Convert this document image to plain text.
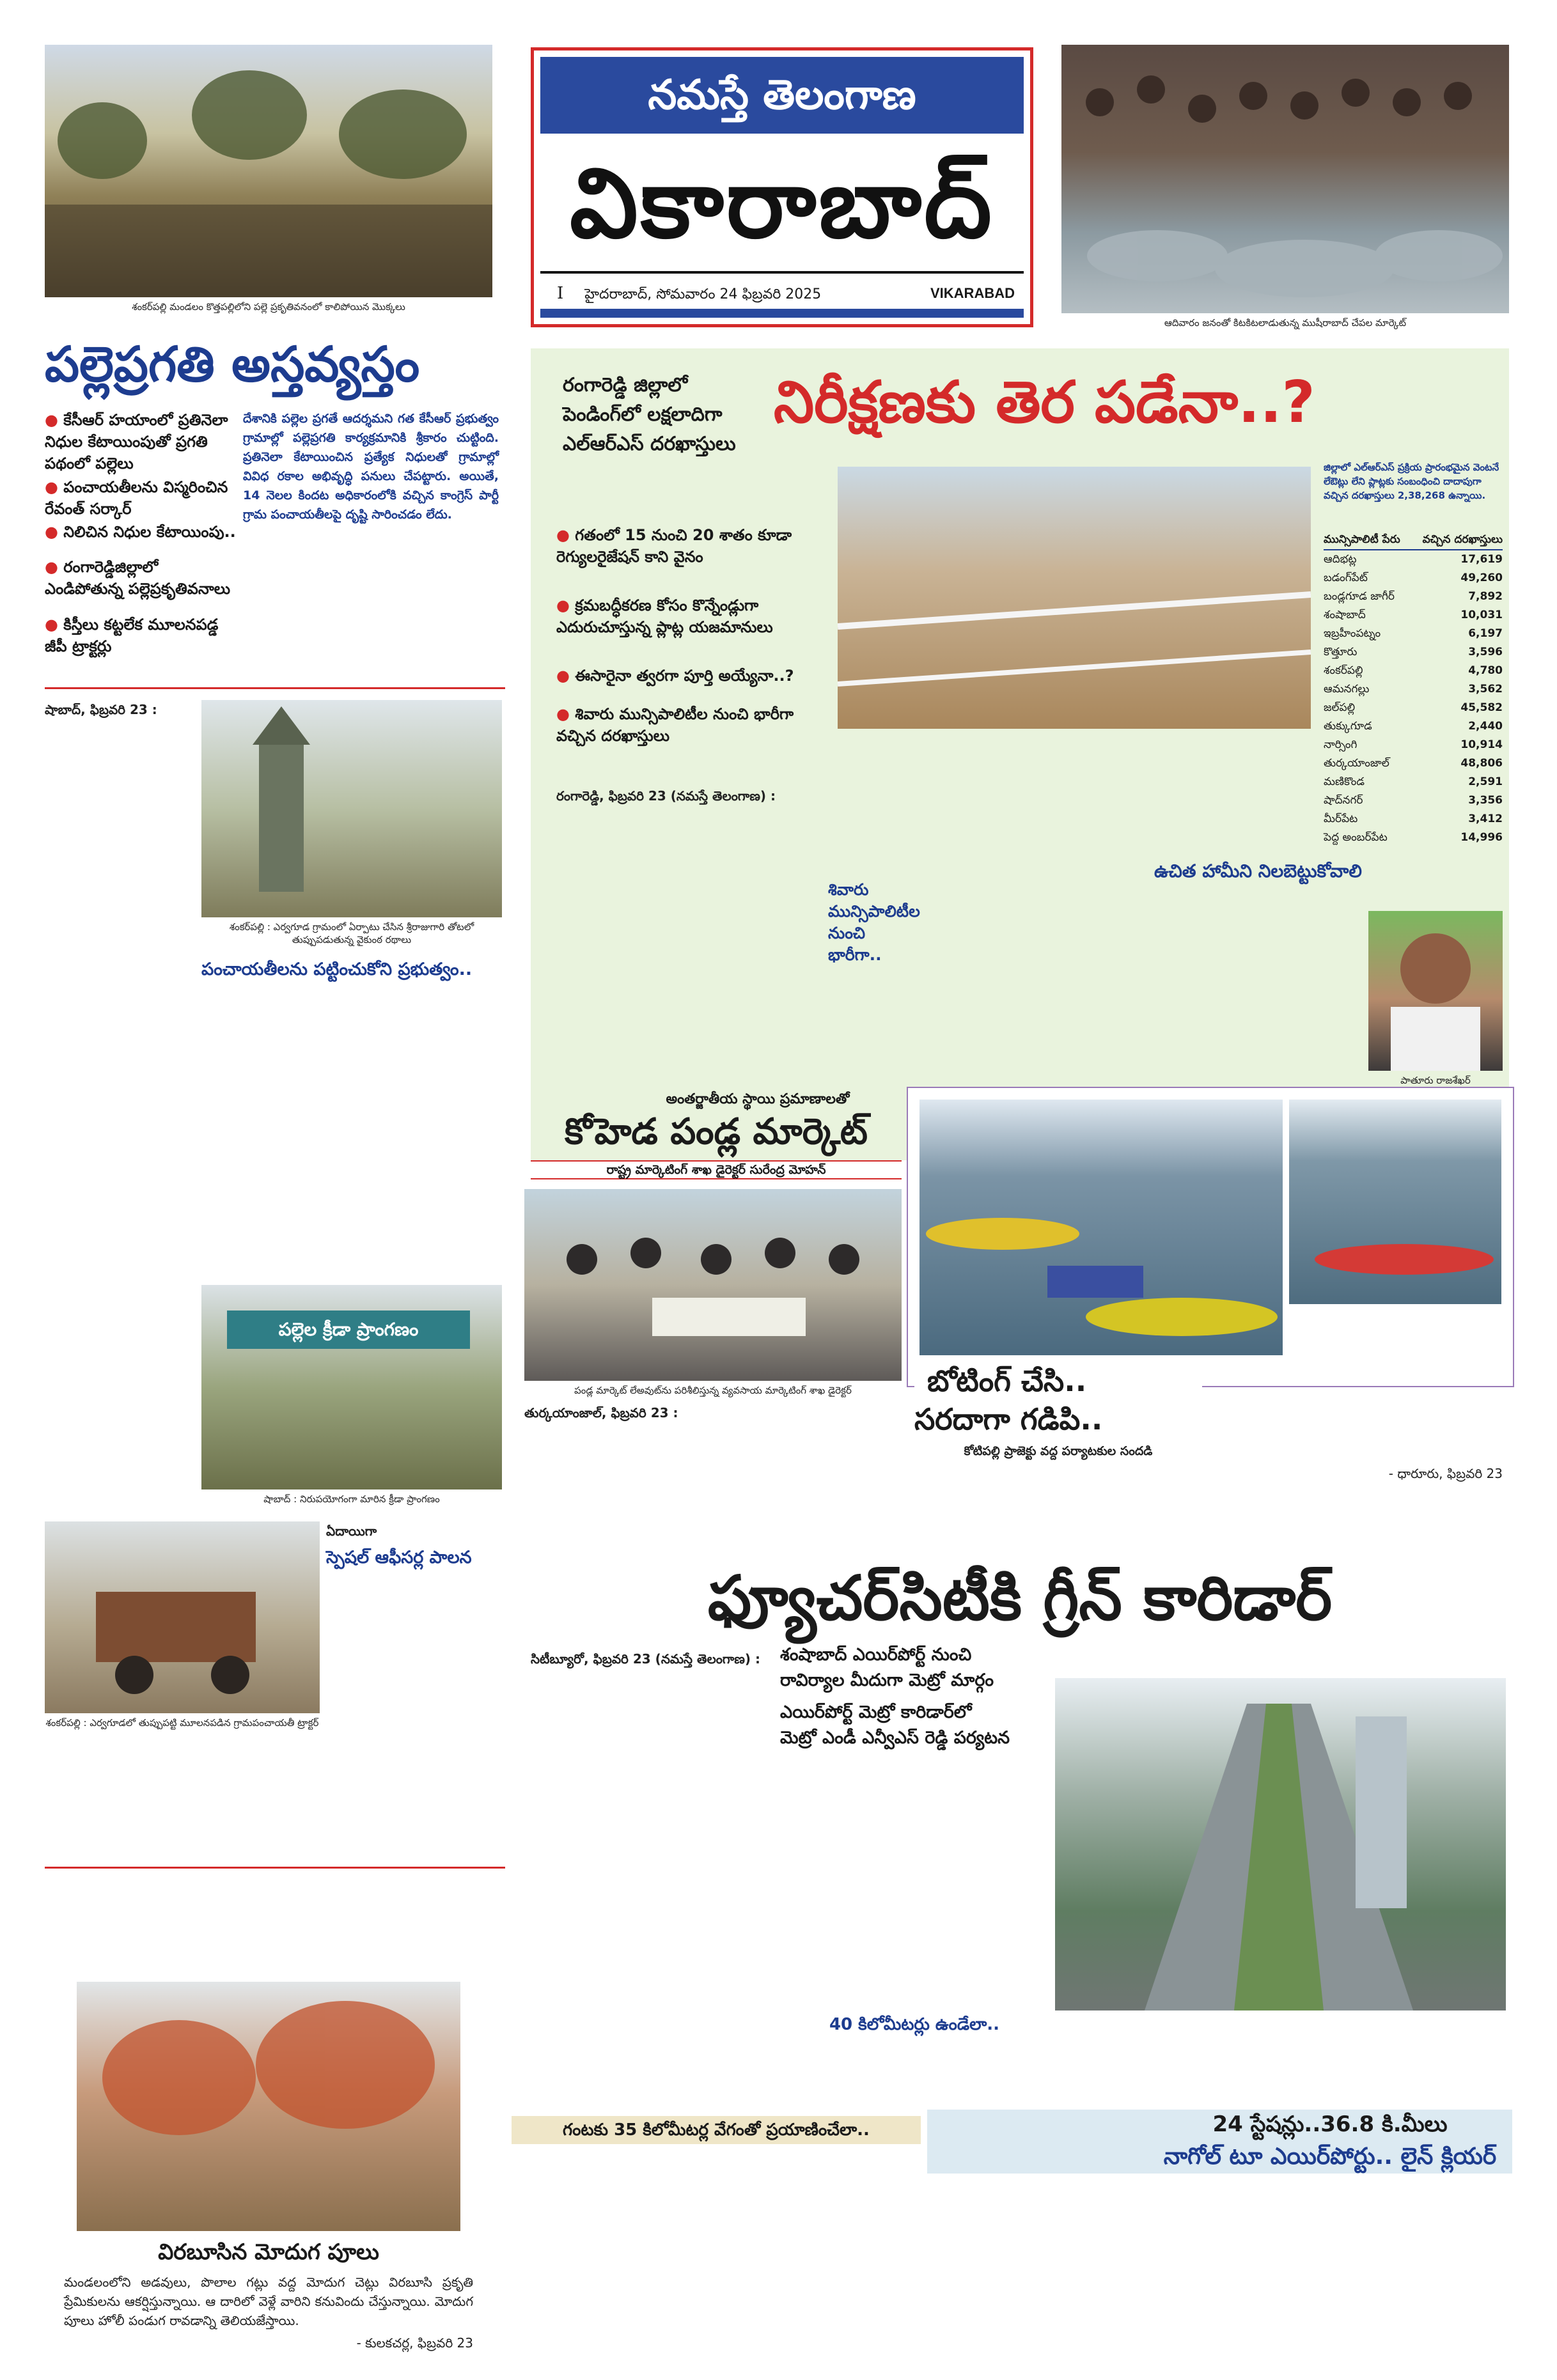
శంకర్‌పల్లి మండలం కొత్తపల్లిలోని పల్లె ప్రకృతివనంలో కాలిపోయిన మొక్కలు
నమస్తే తెలంగాణ
వికారాబాద్
I హైదరాబాద్, సోమవారం 24 ఫిబ్రవరి 2025	VIKARABAD
ఆదివారం జనంతో కిటకిటలాడుతున్న ముషీరాబాద్ చేపల మార్కెట్
పల్లెప్రగతి అస్తవ్యస్తం
● కేసీఆర్ హయాంలో ప్రతినెలా నిధుల కేటాయింపుతో ప్రగతి పథంలో పల్లెలు
● పంచాయతీలను విస్మరించిన రేవంత్ సర్కార్
● నిలిచిన నిధుల కేటాయింపు..
● రంగారెడ్డిజిల్లాలో ఎండిపోతున్న పల్లెప్రకృతివనాలు
● కిస్తీలు కట్టలేక మూలనపడ్డ జీపీ ట్రాక్టర్లు
దేశానికి పల్లెల ప్రగతే ఆదర్శమని గత కేసీఆర్ ప్రభుత్వం గ్రామాల్లో పల్లెప్రగతి కార్యక్రమానికి శ్రీకారం చుట్టింది. ప్రతినెలా కేటాయించిన ప్రత్యేక నిధులతో గ్రామాల్లో వివిధ రకాల అభివృద్ధి పనులు చేపట్టారు. అయితే, 14 నెలల కిందట అధికారంలోకి వచ్చిన కాంగ్రెస్ పార్టీ గ్రామ పంచాయతీలపై దృష్టి సారించడం లేదు.
షాబాద్, ఫిబ్రవరి 23 :
శంకర్‌పల్లి : ఎర్వగూడ గ్రామంలో ఏర్పాటు చేసిన శ్రీరాజుగారి తోటలో తుప్పుపడుతున్న వైకుంఠ రథాలు
పంచాయతీలను పట్టించుకోని ప్రభుత్వం..
పల్లెల క్రీడా ప్రాంగణం
షాబాద్ : నిరుపయోగంగా మారిన క్రీడా ప్రాంగణం
ఏదాయిగా
స్పెషల్ ఆఫీసర్ల పాలన
శంకర్‌పల్లి : ఎర్వగూడలో తుప్పుపట్టి మూలనపడిన గ్రామపంచాయతీ ట్రాక్టర్
విరబూసిన మోదుగ పూలు
మండలంలోని అడవులు, పొలాల గట్లు వద్ద మోదుగ చెట్లు విరబూసి ప్రకృతి ప్రేమికులను ఆకర్షిస్తున్నాయి. ఆ దారిలో వెళ్లే వారిని కనువిందు చేస్తున్నాయి. మోదుగ పూలు హోలీ పండుగ రావడాన్ని తెలియజేస్తాయి.
- కులకచర్ల, ఫిబ్రవరి 23
రంగారెడ్డి జిల్లాలో పెండింగ్‌లో లక్షలాదిగా ఎల్ఆర్ఎస్ దరఖాస్తులు
నిరీక్షణకు తెర పడేనా..?
● గతంలో 15 నుంచి 20 శాతం కూడా రెగ్యులరైజేషన్ కాని వైనం
● క్రమబద్ధీకరణ కోసం కొన్నేండ్లుగా ఎదురుచూస్తున్న ప్లాట్ల యజమానులు
● ఈసారైనా త్వరగా పూర్తి అయ్యేనా..?
● శివారు మున్సిపాలిటీల నుంచి భారీగా వచ్చిన దరఖాస్తులు
జిల్లాలో ఎల్ఆర్ఎస్ ప్రక్రియ ప్రారంభమైన వెంటనే లేఔట్లు లేని ప్లాట్లకు సంబంధించి దాదాపుగా వచ్చిన దరఖాస్తులు 2,38,268 ఉన్నాయి.
మున్సిపాలిటీ పేరు వచ్చిన దరఖాస్తులు
ఆదిభట్ల	17,619
బడంగ్‌పేట్	49,260
బండ్లగూడ జాగీర్	7,892
శంషాబాద్	10,031
ఇబ్రహీంపట్నం	6,197
కొత్తూరు	3,596
శంకర్‌పల్లి	4,780
ఆమనగల్లు	3,562
జల్‌పల్లి	45,582
తుక్కుగూడ	2,440
నార్సింగి	10,914
తుర్కయాంజాల్	48,806
మణికొండ	2,591
షాద్‌నగర్	3,356
మీర్‌పేట	3,412
పెద్ద అంబర్‌పేట	14,996
రంగారెడ్డి, ఫిబ్రవరి 23 (నమస్తే తెలంగాణ) :
శివారు మున్సిపాలిటీల నుంచి భారీగా..
ఉచిత హామీని నిలబెట్టుకోవాలి
పాతూరు రాజశేఖర్
అంతర్జాతీయ స్థాయి ప్రమాణాలతో
కోహెడ పండ్ల మార్కెట్
రాష్ట్ర మార్కెటింగ్ శాఖ డైరెక్టర్ సురేంద్ర మోహన్
పండ్ల మార్కెట్ లేఅవుట్‌ను పరిశీలిస్తున్న వ్యవసాయ మార్కెటింగ్ శాఖ డైరెక్టర్
తుర్కయాంజాల్, ఫిబ్రవరి 23 :
బోటింగ్ చేసి..
సరదాగా గడిపి..
కోటిపల్లి ప్రాజెక్టు వద్ద పర్యాటకుల సందడి
- ధారూరు, ఫిబ్రవరి 23
ఫ్యూచర్‌సిటీకి గ్రీన్ కారిడార్
సిటీబ్యూరో, ఫిబ్రవరి 23 (నమస్తే తెలంగాణ) :	శంషాబాద్ ఎయిర్‌పోర్ట్ నుంచి
రావిర్యాల మీదుగా మెట్రో మార్గం
ఎయిర్‌పోర్ట్ మెట్రో కారిడార్‌లో
మెట్రో ఎండీ ఎన్వీఎస్ రెడ్డి పర్యటన
40 కిలోమీటర్లు ఉండేలా..
గంటకు 35 కిలోమీటర్ల వేగంతో ప్రయాణించేలా..	24 స్టేషన్లు..36.8 కి.మీలు
నాగోల్ టూ ఎయిర్‌పోర్టు.. లైన్ క్లియర్
